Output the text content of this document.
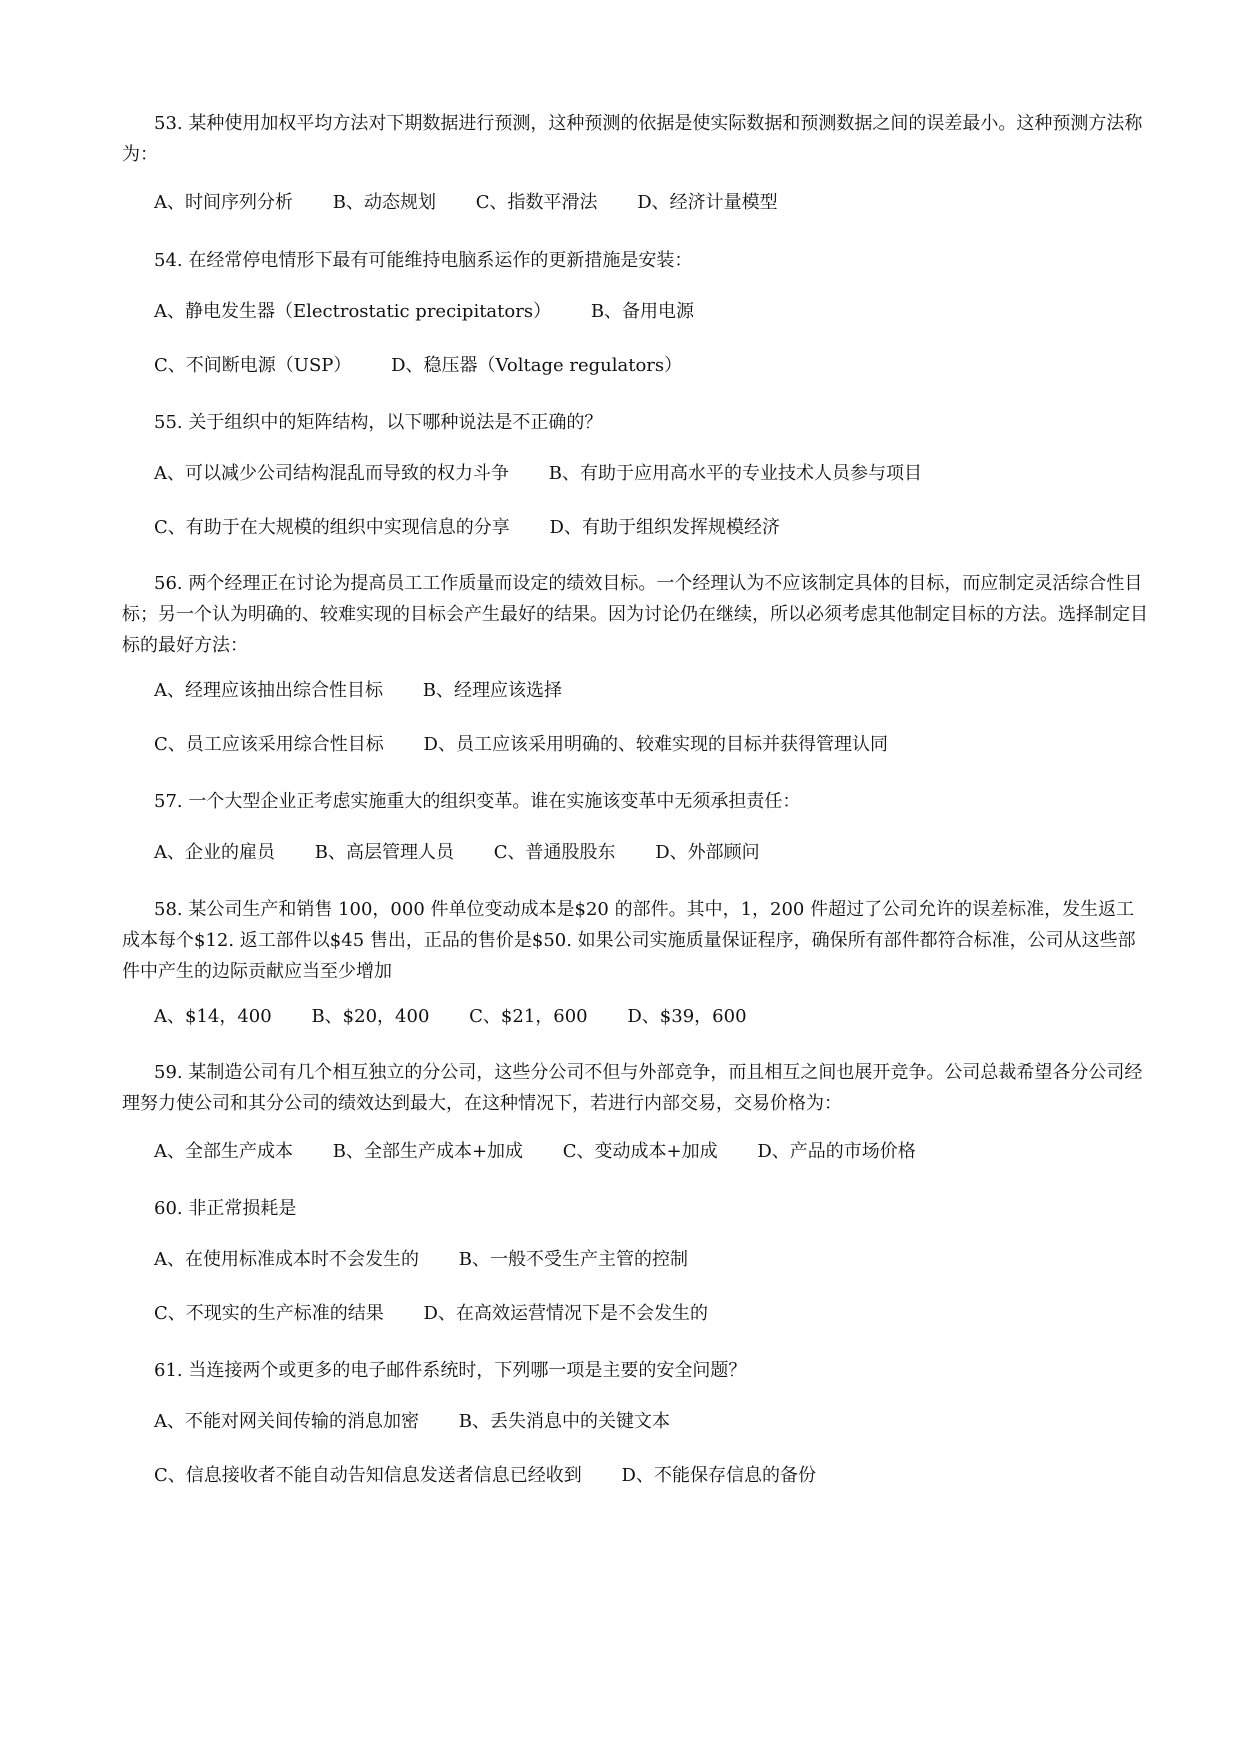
53. 某种使用加权平均方法对下期数据进行预测，这种预测的依据是使实际数据和预测数据之间的误差最小。这种预测方法称为：

A、时间序列分析 B、动态规划 C、指数平滑法 D、经济计量模型

54. 在经常停电情形下最有可能维持电脑系运作的更新措施是安装：

A、静电发生器（Electrostatic precipitators） B、备用电源
C、不间断电源（USP） D、稳压器（Voltage regulators）

55. 关于组织中的矩阵结构，以下哪种说法是不正确的？

A、可以减少公司结构混乱而导致的权力斗争 B、有助于应用高水平的专业技术人员参与项目
C、有助于在大规模的组织中实现信息的分享 D、有助于组织发挥规模经济

56. 两个经理正在讨论为提高员工工作质量而设定的绩效目标。一个经理认为不应该制定具体的目标，而应制定灵活综合性目标；另一个认为明确的、较难实现的目标会产生最好的结果。因为讨论仍在继续，所以必须考虑其他制定目标的方法。选择制定目标的最好方法：

A、经理应该抽出综合性目标 B、经理应该选择
C、员工应该采用综合性目标 D、员工应该采用明确的、较难实现的目标并获得管理认同

57. 一个大型企业正考虑实施重大的组织变革。谁在实施该变革中无须承担责任：

A、企业的雇员 B、高层管理人员 C、普通股股东 D、外部顾问

58. 某公司生产和销售 100，000 件单位变动成本是$20 的部件。其中，1，200 件超过了公司允许的误差标准，发生返工成本每个$12. 返工部件以$45 售出，正品的售价是$50. 如果公司实施质量保证程序，确保所有部件都符合标准，公司从这些部件中产生的边际贡献应当至少增加

A、$14，400 B、$20，400 C、$21，600 D、$39，600

59. 某制造公司有几个相互独立的分公司，这些分公司不但与外部竞争，而且相互之间也展开竞争。公司总裁希望各分公司经理努力使公司和其分公司的绩效达到最大，在这种情况下，若进行内部交易，交易价格为：

A、全部生产成本 B、全部生产成本+加成 C、变动成本+加成 D、产品的市场价格

60. 非正常损耗是

A、在使用标准成本时不会发生的 B、一般不受生产主管的控制
C、不现实的生产标准的结果 D、在高效运营情况下是不会发生的

61. 当连接两个或更多的电子邮件系统时，下列哪一项是主要的安全问题？

A、不能对网关间传输的消息加密 B、丢失消息中的关键文本
C、信息接收者不能自动告知信息发送者信息已经收到 D、不能保存信息的备份
